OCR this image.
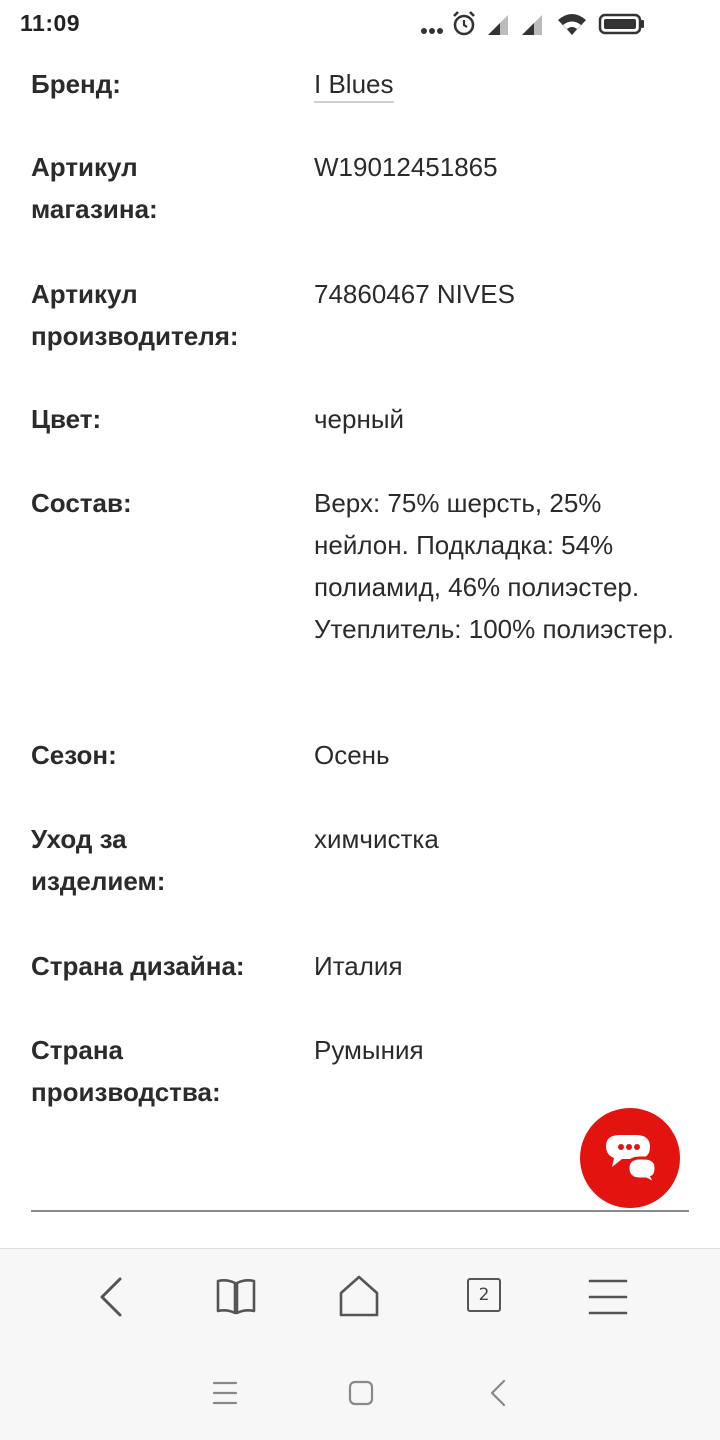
11:09
Бренд:	I Blues
Артикул магазина:
W19012451865
Артикул производителя:
74860467 NIVES
Цвет:	черный
Состав:	Верх: 75% шерсть, 25% нейлон. Подкладка: 54% полиамид, 46% полиэстер. Утеплитель: 100% полиэстер.
Сезон:	Осень
Уход за изделием:
химчистка
Страна дизайна:	Италия
Страна производства:
Румыния
2
